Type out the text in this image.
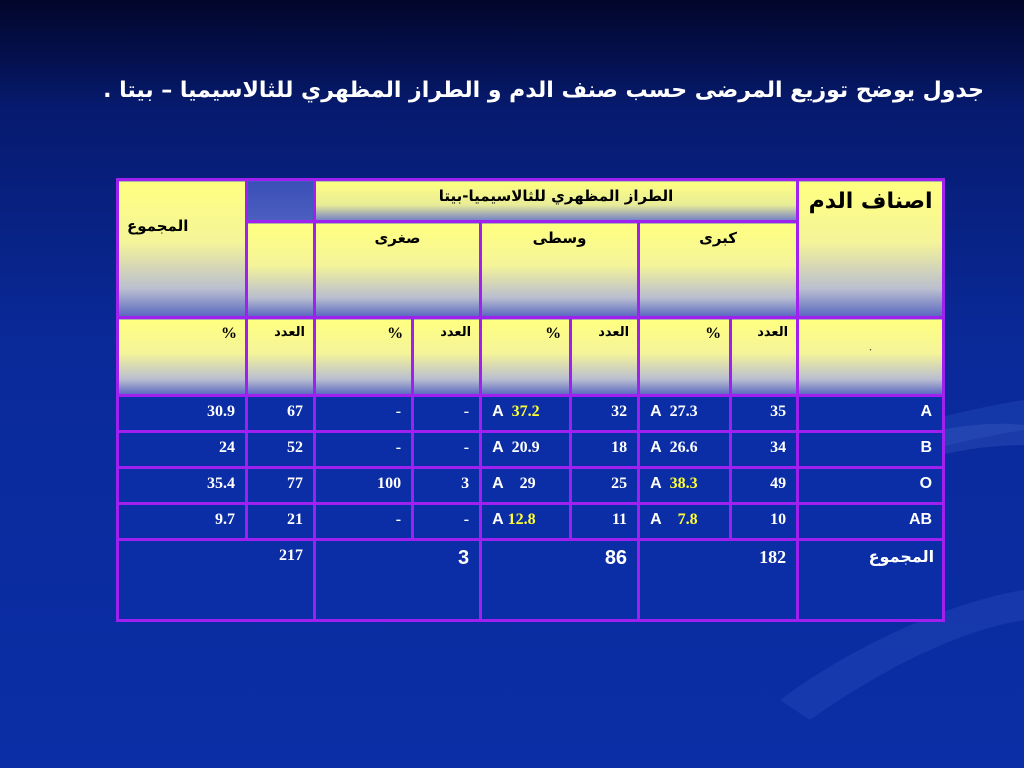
جدول يوضح توزيع المرضى حسب صنف الدم و الطراز المظهري للثالاسيميا – بيتا .
اصناف الدم	الطراز المظهري للثالاسيميا-بيتا							المجموع

	كبرى		وسطى		صغرى			

·	العدد	%	العدد	%	العدد	%	العدد	%

A	35	A 27.3	32	A 37.2	-	-	67	30.9

B	34	A 26.6	18	A 20.9	-	-	52	24

O	49	A 38.3	25	A 29	3	100	77	35.4

AB	10	A 7.8	11	A 12.8	-	-	21	9.7

المجموع	182		86		3		217	
